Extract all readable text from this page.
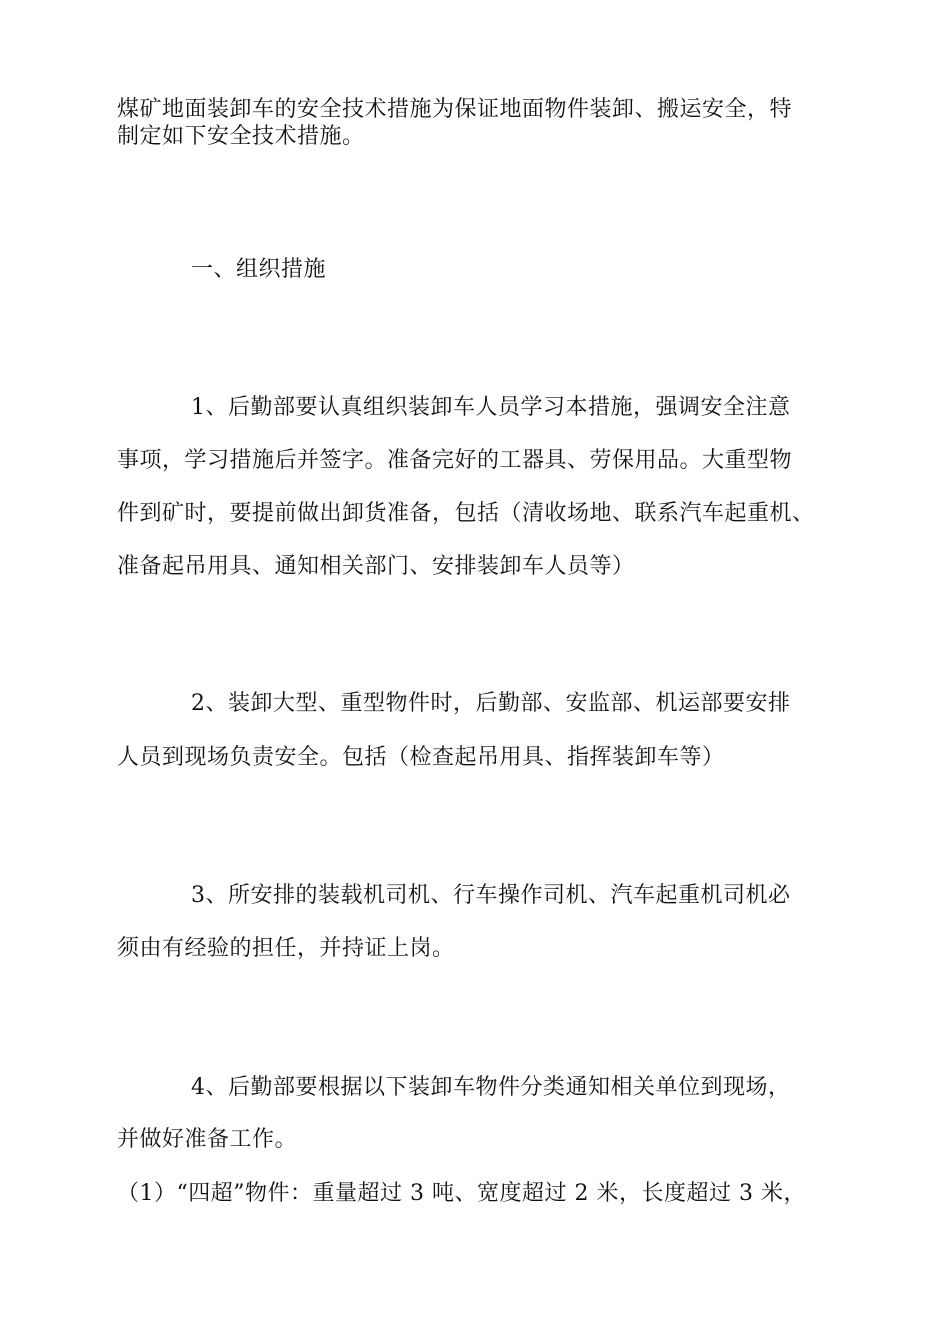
煤矿地面装卸车的安全技术措施为保证地面物件装卸、搬运安全，特
制定如下安全技术措施。
一、组织措施
1、后勤部要认真组织装卸车人员学习本措施，强调安全注意
事项，学习措施后并签字。准备完好的工器具、劳保用品。大重型物
件到矿时，要提前做出卸货准备，包括（清收场地、联系汽车起重机、
准备起吊用具、通知相关部门、安排装卸车人员等）
2、装卸大型、重型物件时，后勤部、安监部、机运部要安排
人员到现场负责安全。包括（检查起吊用具、指挥装卸车等）
3、所安排的装载机司机、行车操作司机、汽车起重机司机必
须由有经验的担任，并持证上岗。
4、后勤部要根据以下装卸车物件分类通知相关单位到现场，
并做好准备工作。
（1）“四超”物件：重量超过 3 吨、宽度超过 2 米，长度超过 3 米，
